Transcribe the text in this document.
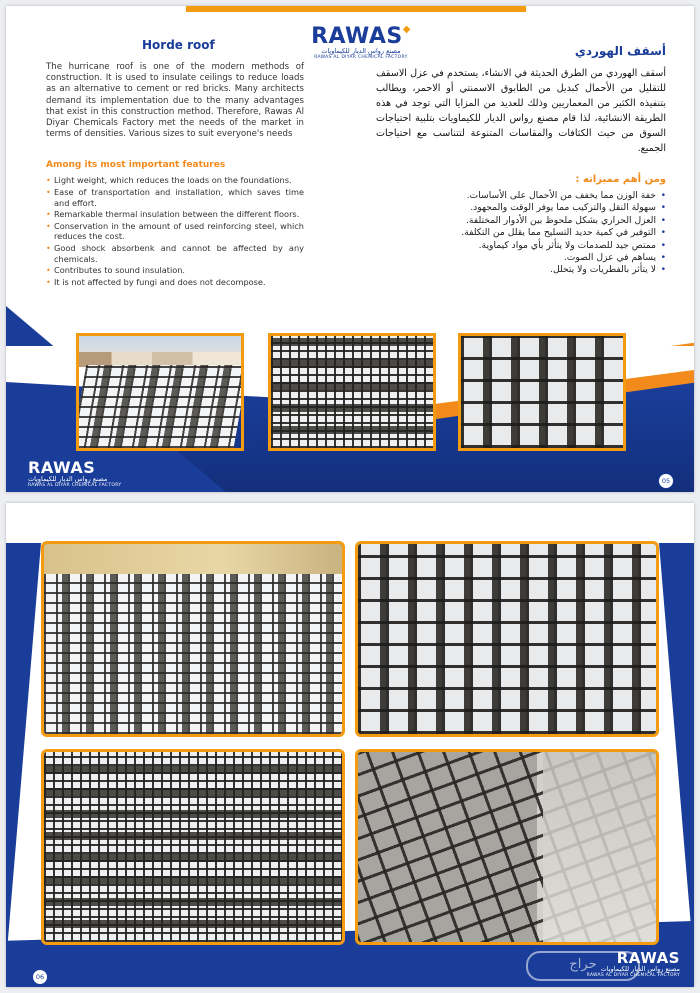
RAWAS◆
مصنع رواس الديار للكيماويات
RAWAS AL DIYAR CHEMICAL FACTORY
Horde roof

The hurricane roof is one of the modern methods of construction. It is used to insulate ceilings to reduce loads as an alternative to cement or red bricks. Many architects demand its implementation due to the many advantages that exist in this construction method. Therefore, Rawas Al Diyar Chemicals Factory met the needs of the market in terms of densities. Various sizes to suit everyone's needs

Among its most important features
• Light weight, which reduces the loads on the foundations.
• Ease of transportation and installation, which saves time and effort.
• Remarkable thermal insulation between the different floors.
• Conservation in the amount of used reinforcing steel, which reduces the cost.
• Good shock absorbenk and cannot be affected by any chemicals.
• Contributes to sound insulation.
• It is not affected by fungi and does not decompose.
أسقف الهوردي

أسقف الهوردي من الطرق الحديثة في الانشاء، يستخدم في عزل الاسقف للتقليل من الأحمال كبديل من الطابوق الاسمنتي أو الاحمر، ويطالب بتنفيذه الكثير من المعماريين وذلك للعديد من المزايا التي توجد في هذه الطريقة الانشائية، لذا قام مصنع رواس الديار للكيماويات بتلبية احتياجات السوق من حيث الكثافات والمقاسات المتنوعة لتتناسب مع احتياجات الجميع.

ومن أهم مميزاته :
• خفة الوزن مما يخفف من الأحمال على الأساسات.
• سهولة النقل والتركيب مما يوفر الوقت والمجهود.
• العزل الحراري بشكل ملحوظ بين الأدوار المختلفة.
• التوفير في كمية حديد التسليح مما يقلل من التكلفة.
• ممتص جيد للصدمات ولا يتأثر بأي مواد كيماوية.
• يساهم في عزل الصوت.
• لا يتأثر بالفطريات ولا يتحلل.
RAWAS
مصنع رواس الديار للكيماويات
RAWAS AL DIYAR CHEMICAL FACTORY
05
06
حراج	RAWAS
مصنع رواس الديار للكيماويات
RAWAS AL DIYAR CHEMICAL FACTORY
